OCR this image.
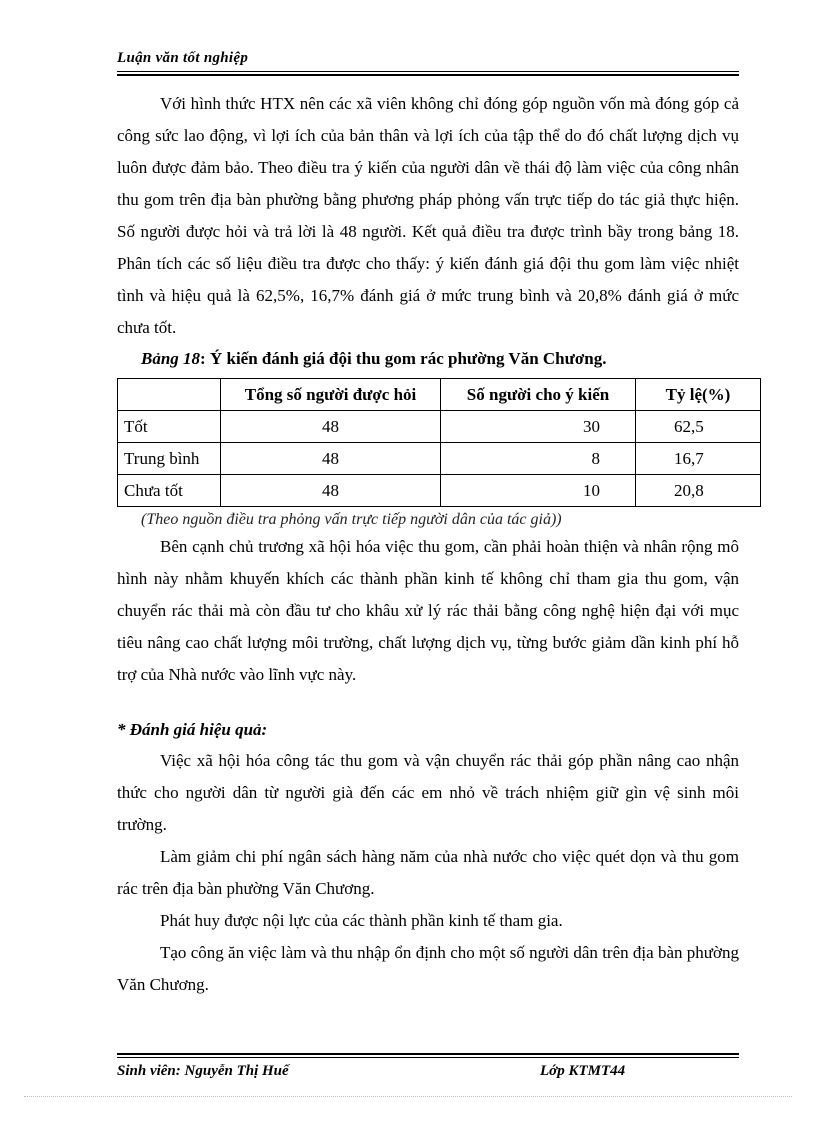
Luận văn tốt nghiệp

Với hình thức HTX nên các xã viên không chỉ đóng góp nguồn vốn mà đóng góp cả công sức lao động, vì lợi ích của bản thân và lợi ích của tập thể do đó chất lượng dịch vụ luôn được đảm bảo. Theo điều tra ý kiến của người dân về thái độ làm việc của công nhân thu gom trên địa bàn phường bằng phương pháp phỏng vấn trực tiếp do tác giả thực hiện. Số người được hỏi và trả lời là 48 người. Kết quả điều tra được trình bầy trong bảng 18. Phân tích các số liệu điều tra được cho thấy: ý kiến đánh giá đội thu gom làm việc nhiệt tình và hiệu quả là 62,5%, 16,7% đánh giá ở mức trung bình và 20,8% đánh giá ở mức chưa tốt.

Bảng 18: Ý kiến đánh giá đội thu gom rác phường Văn Chương.
	Tổng số người được hỏi	Số người cho ý kiến	Tỷ lệ(%)
Tốt	48	30	62,5
Trung bình	48	8	16,7
Chưa tốt	48	10	20,8
(Theo nguồn điều tra phỏng vấn trực tiếp người dân của tác giả))

Bên cạnh chủ trương xã hội hóa việc thu gom, cần phải hoàn thiện và nhân rộng mô hình này nhằm khuyến khích các thành phần kinh tế không chỉ tham gia thu gom, vận chuyển rác thải mà còn đầu tư cho khâu xử lý rác thải bằng công nghệ hiện đại với mục tiêu nâng cao chất lượng môi trường, chất lượng dịch vụ, từng bước giảm dần kinh phí hỗ trợ của Nhà nước vào lĩnh vực này.

* Đánh giá hiệu quả:

Việc xã hội hóa công tác thu gom và vận chuyển rác thải góp phần nâng cao nhận thức cho người dân từ người già đến các em nhỏ về trách nhiệm giữ gìn vệ sinh môi trường.

Làm giảm chi phí ngân sách hàng năm của nhà nước cho việc quét dọn và thu gom rác trên địa bàn phường Văn Chương.

Phát huy được nội lực của các thành phần kinh tế tham gia.

Tạo công ăn việc làm và thu nhập ổn định cho một số người dân trên địa bàn phường Văn Chương.

Sinh viên: Nguyễn Thị Huế	Lớp KTMT44
